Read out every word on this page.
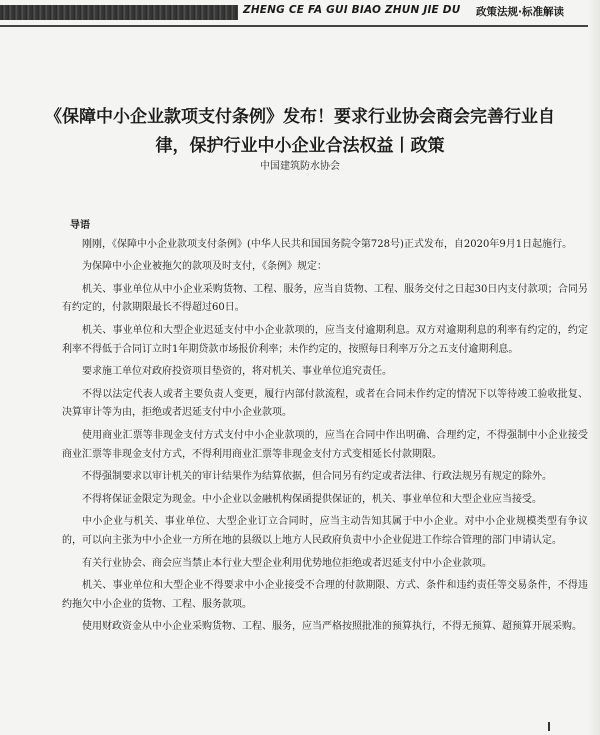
ZHENG CE FA GUI BIAO ZHUN JIE DU 政策法规·标准解读
《保障中小企业款项支付条例》发布！要求行业协会商会完善行业自律，保护行业中小企业合法权益丨政策
中国建筑防水协会

导语

刚刚，《保障中小企业款项支付条例》(中华人民共和国国务院令第728号)正式发布，自2020年9月1日起施行。

为保障中小企业被拖欠的款项及时支付，《条例》规定：

机关、事业单位从中小企业采购货物、工程、服务，应当自货物、工程、服务交付之日起30日内支付款项；合同另有约定的，付款期限最长不得超过60日。

机关、事业单位和大型企业迟延支付中小企业款项的，应当支付逾期利息。双方对逾期利息的利率有约定的，约定利率不得低于合同订立时1年期贷款市场报价利率；未作约定的，按照每日利率万分之五支付逾期利息。

要求施工单位对政府投资项目垫资的，将对机关、事业单位追究责任。

不得以法定代表人或者主要负责人变更，履行内部付款流程，或者在合同未作约定的情况下以等待竣工验收批复、决算审计等为由，拒绝或者迟延支付中小企业款项。

使用商业汇票等非现金支付方式支付中小企业款项的，应当在合同中作出明确、合理约定，不得强制中小企业接受商业汇票等非现金支付方式，不得利用商业汇票等非现金支付方式变相延长付款期限。

不得强制要求以审计机关的审计结果作为结算依据，但合同另有约定或者法律、行政法规另有规定的除外。

不得将保证金限定为现金。中小企业以金融机构保函提供保证的，机关、事业单位和大型企业应当接受。

中小企业与机关、事业单位、大型企业订立合同时，应当主动告知其属于中小企业。对中小企业规模类型有争议的，可以向主张为中小企业一方所在地的县级以上地方人民政府负责中小企业促进工作综合管理的部门申请认定。

有关行业协会、商会应当禁止本行业大型企业利用优势地位拒绝或者迟延支付中小企业款项。

机关、事业单位和大型企业不得要求中小企业接受不合理的付款期限、方式、条件和违约责任等交易条件，不得违约拖欠中小企业的货物、工程、服务款项。

使用财政资金从中小企业采购货物、工程、服务，应当严格按照批准的预算执行，不得无预算、超预算开展采购。
